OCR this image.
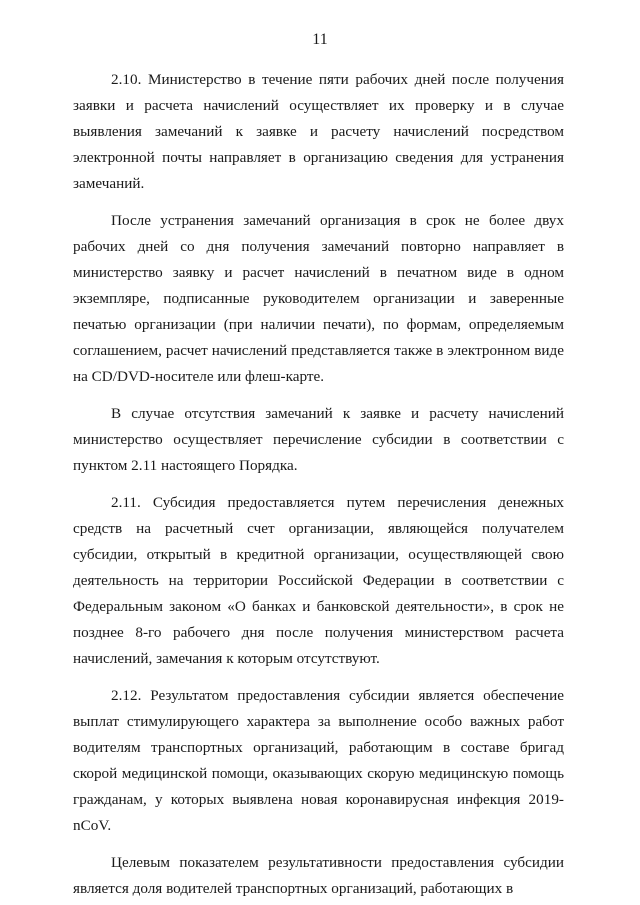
11

2.10. Министерство в течение пяти рабочих дней после получения заявки и расчета начислений осуществляет их проверку и в случае выявления замечаний к заявке и расчету начислений посредством электронной почты направляет в организацию сведения для устранения замечаний.

После устранения замечаний организация в срок не более двух рабочих дней со дня получения замечаний повторно направляет в министерство заявку и расчет начислений в печатном виде в одном экземпляре, подписанные руководителем организации и заверенные печатью организации (при наличии печати), по формам, определяемым соглашением, расчет начислений представляется также в электронном виде на CD/DVD-носителе или флеш-карте.

В случае отсутствия замечаний к заявке и расчету начислений министерство осуществляет перечисление субсидии в соответствии с пунктом 2.11 настоящего Порядка.

2.11. Субсидия предоставляется путем перечисления денежных средств на расчетный счет организации, являющейся получателем субсидии, открытый в кредитной организации, осуществляющей свою деятельность на территории Российской Федерации в соответствии с Федеральным законом «О банках и банковской деятельности», в срок не позднее 8-го рабочего дня после получения министерством расчета начислений, замечания к которым отсутствуют.

2.12. Результатом предоставления субсидии является обеспечение выплат стимулирующего характера за выполнение особо важных работ водителям транспортных организаций, работающим в составе бригад скорой медицинской помощи, оказывающих скорую медицинскую помощь гражданам, у которых выявлена новая коронавирусная инфекция 2019-nCoV.

Целевым показателем результативности предоставления субсидии является доля водителей транспортных организаций, работающих в
